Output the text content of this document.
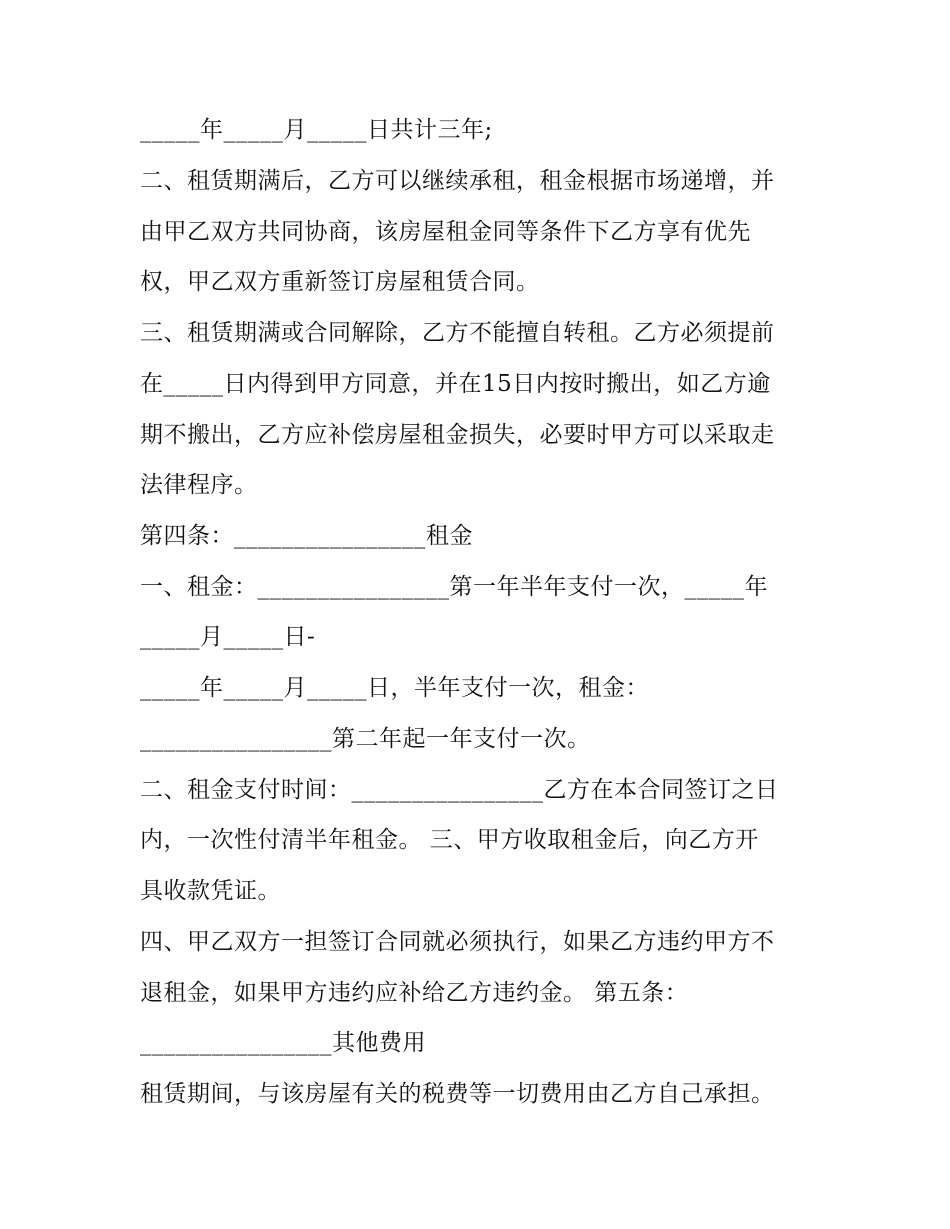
_____年_____月_____日共计三年;
二、租赁期满后，乙方可以继续承租，租金根据市场递增，并
由甲乙双方共同协商，该房屋租金同等条件下乙方享有优先
权，甲乙双方重新签订房屋租赁合同。
三、租赁期满或合同解除，乙方不能擅自转租。乙方必须提前
在_____日内得到甲方同意，并在15日内按时搬出，如乙方逾
期不搬出，乙方应补偿房屋租金损失，必要时甲方可以采取走
法律程序。
第四条：________________租金
一、租金：________________第一年半年支付一次，_____年
_____月_____日-
_____年_____月_____日，半年支付一次，租金：
________________第二年起一年支付一次。
二、租金支付时间：________________乙方在本合同签订之日
内，一次性付清半年租金。 三、甲方收取租金后，向乙方开
具收款凭证。
四、甲乙双方一担签订合同就必须执行，如果乙方违约甲方不
退租金，如果甲方违约应补给乙方违约金。 第五条：
________________其他费用
租赁期间，与该房屋有关的税费等一切费用由乙方自己承担。
